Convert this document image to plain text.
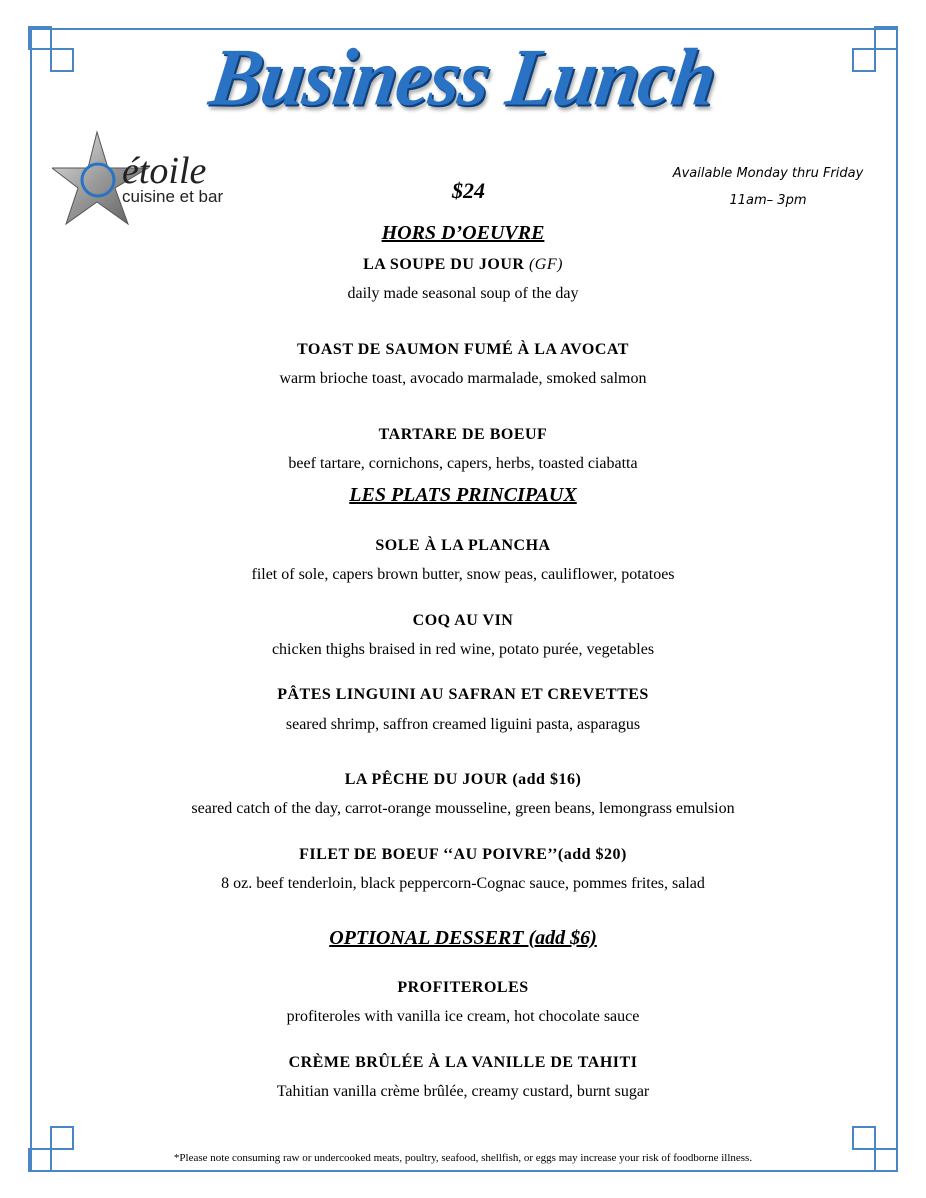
Business Lunch
étoile
cuisine et bar	$24
Available Monday thru Friday
11am– 3pm
HORS D’OEUVRE
LA SOUPE DU JOUR (GF)
daily made seasonal soup of the day
TOAST DE SAUMON FUMÉ À LA AVOCAT
warm brioche toast, avocado marmalade, smoked salmon
TARTARE DE BOEUF
beef tartare, cornichons, capers, herbs, toasted ciabatta
LES PLATS PRINCIPAUX
SOLE À LA PLANCHA
filet of sole, capers brown butter, snow peas, cauliflower, potatoes
COQ AU VIN
chicken thighs braised in red wine, potato purée, vegetables
PÂTES LINGUINI AU SAFRAN ET CREVETTES
seared shrimp, saffron creamed liguini pasta, asparagus
LA PÊCHE DU JOUR (add $16)
seared catch of the day, carrot-orange mousseline, green beans, lemongrass emulsion
FILET DE BOEUF ‘‘AU POIVRE’’(add $20)
8 oz. beef tenderloin, black peppercorn-Cognac sauce, pommes frites, salad
OPTIONAL DESSERT (add $6)
PROFITEROLES
profiteroles with vanilla ice cream, hot chocolate sauce
CRÈME BRÛLÉE À LA VANILLE DE TAHITI
Tahitian vanilla crème brûlée, creamy custard, burnt sugar
*Please note consuming raw or undercooked meats, poultry, seafood, shellfish, or eggs may increase your risk of foodborne illness.
